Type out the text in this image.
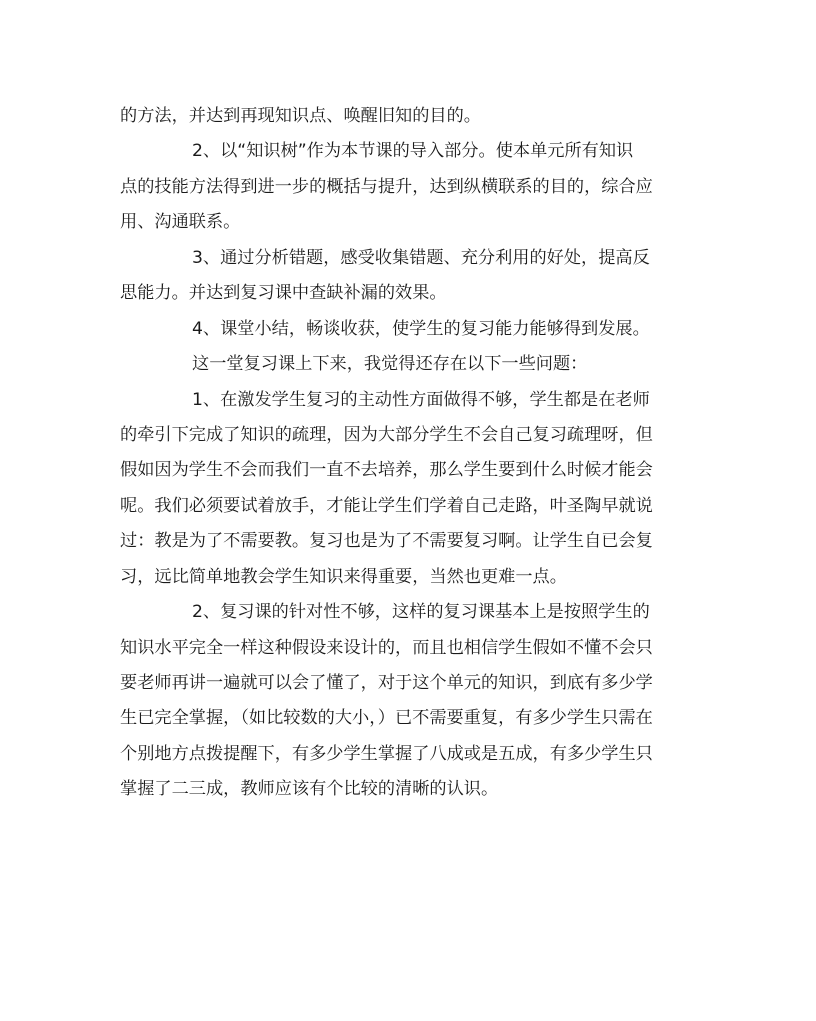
的方法，并达到再现知识点、唤醒旧知的目的。

2、以“知识树”作为本节课的导入部分。使本单元所有知识

点的技能方法得到进一步的概括与提升，达到纵横联系的目的，综合应

用、沟通联系。

3、通过分析错题，感受收集错题、充分利用的好处，提高反

思能力。并达到复习课中查缺补漏的效果。

4、课堂小结，畅谈收获，使学生的复习能力能够得到发展。

这一堂复习课上下来，我觉得还存在以下一些问题：

1、在激发学生复习的主动性方面做得不够，学生都是在老师

的牵引下完成了知识的疏理，因为大部分学生不会自己复习疏理呀，但

假如因为学生不会而我们一直不去培养，那么学生要到什么时候才能会

呢。我们必须要试着放手，才能让学生们学着自己走路，叶圣陶早就说

过：教是为了不需要教。复习也是为了不需要复习啊。让学生自已会复

习，远比简单地教会学生知识来得重要，当然也更难一点。

2、复习课的针对性不够，这样的复习课基本上是按照学生的

知识水平完全一样这种假设来设计的，而且也相信学生假如不懂不会只

要老师再讲一遍就可以会了懂了，对于这个单元的知识，到底有多少学

生已完全掌握，（如比较数的大小，）已不需要重复，有多少学生只需在

个别地方点拨提醒下，有多少学生掌握了八成或是五成，有多少学生只

掌握了二三成，教师应该有个比较的清晰的认识。
